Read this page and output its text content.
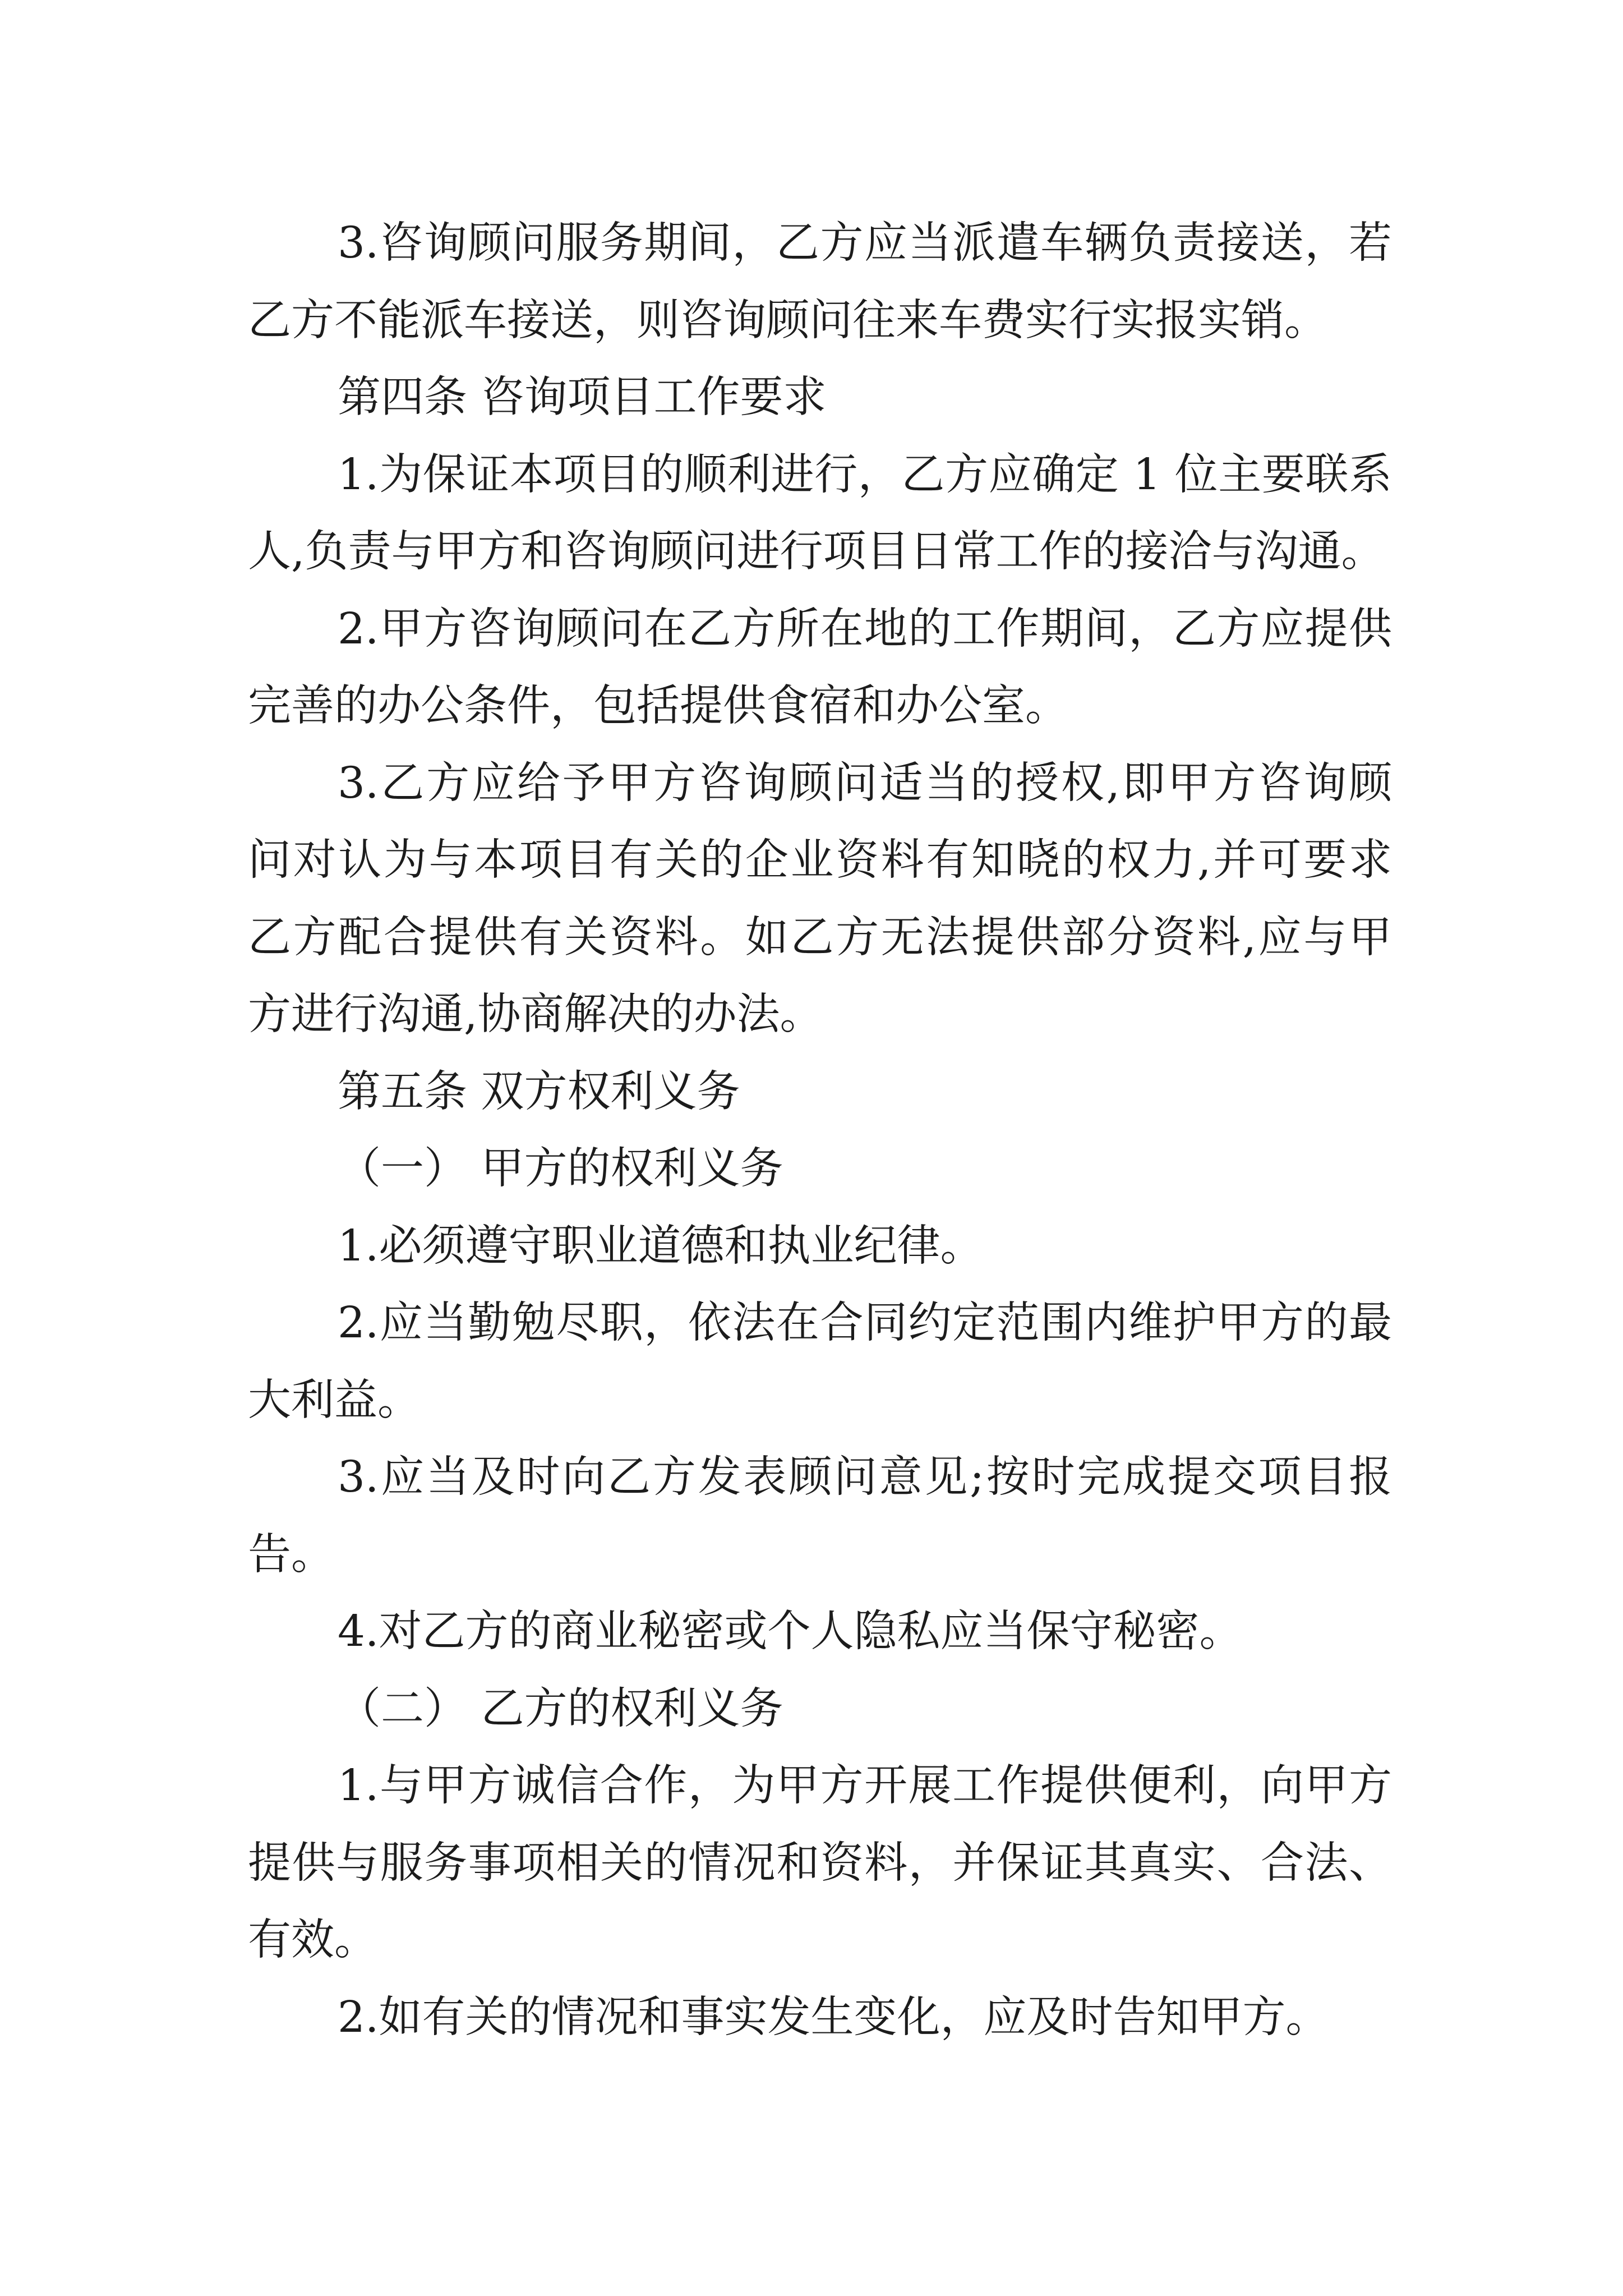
3.咨询顾问服务期间，乙方应当派遣车辆负责接送，若
乙方不能派车接送，则咨询顾问往来车费实行实报实销。
第四条 咨询项目工作要求
1.为保证本项目的顺利进行，乙方应确定 1 位主要联系
人,负责与甲方和咨询顾问进行项目日常工作的接洽与沟通。
2.甲方咨询顾问在乙方所在地的工作期间，乙方应提供
完善的办公条件，包括提供食宿和办公室。
3.乙方应给予甲方咨询顾问适当的授权,即甲方咨询顾
问对认为与本项目有关的企业资料有知晓的权力,并可要求
乙方配合提供有关资料。如乙方无法提供部分资料,应与甲
方进行沟通,协商解决的办法。
第五条 双方权利义务
（一） 甲方的权利义务
1.必须遵守职业道德和执业纪律。
2.应当勤勉尽职，依法在合同约定范围内维护甲方的最
大利益。
3.应当及时向乙方发表顾问意见;按时完成提交项目报
告。
4.对乙方的商业秘密或个人隐私应当保守秘密。
（二） 乙方的权利义务
1.与甲方诚信合作，为甲方开展工作提供便利，向甲方
提供与服务事项相关的情况和资料，并保证其真实、合法、
有效。
2.如有关的情况和事实发生变化，应及时告知甲方。
